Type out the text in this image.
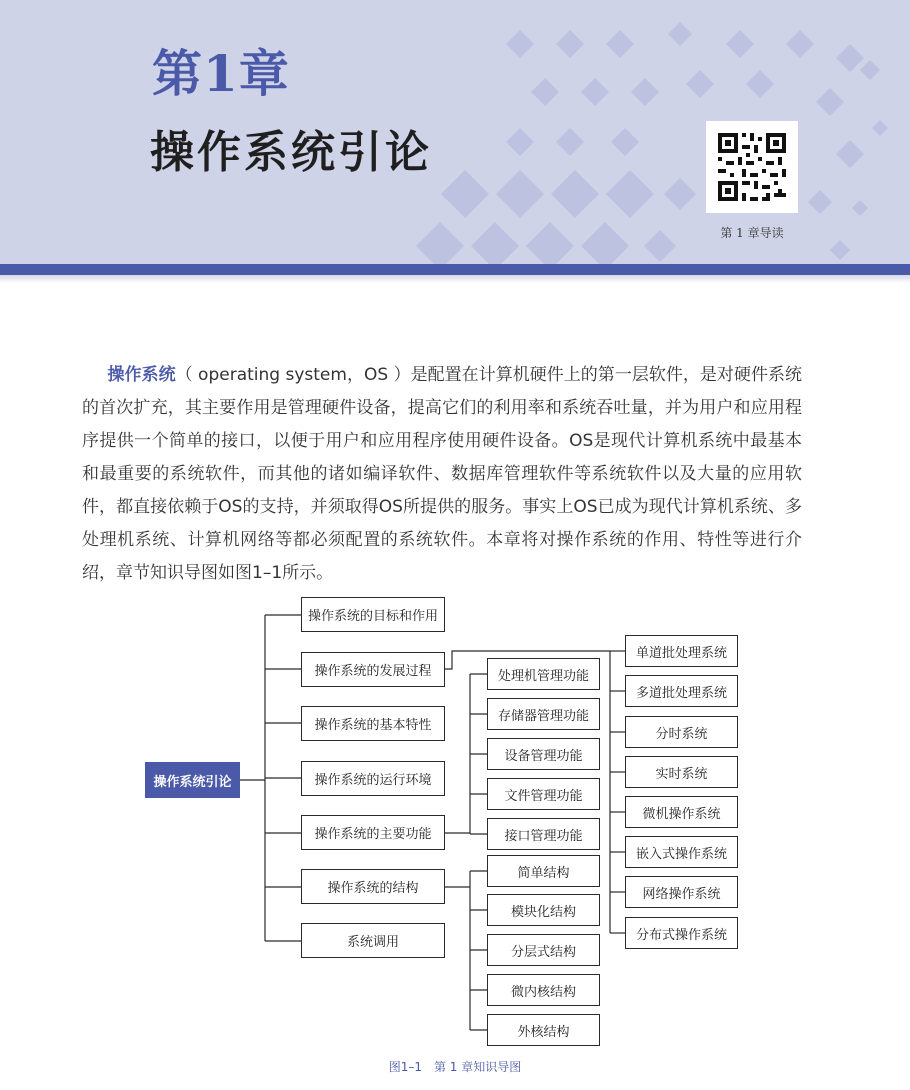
第1章
操作系统引论
第 1 章导读

  操作系统（ operating system，OS ）是配置在计算机硬件上的第一层软件，是对硬件系统的首次扩充，其主要作用是管理硬件设备，提高它们的利用率和系统吞吐量，并为用户和应用程序提供一个简单的接口，以便于用户和应用程序使用硬件设备。OS是现代计算机系统中最基本和最重要的系统软件，而其他的诸如编译软件、数据库管理软件等系统软件以及大量的应用软件，都直接依赖于OS的支持，并须取得OS所提供的服务。事实上OS已成为现代计算机系统、多处理机系统、计算机网络等都必须配置的系统软件。本章将对操作系统的作用、特性等进行介绍，章节知识导图如图1–1所示。

操作系统引论
操作系统的目标和作用
操作系统的发展过程
操作系统的基本特性
操作系统的运行环境
操作系统的主要功能
操作系统的结构
系统调用
处理机管理功能
存储器管理功能
设备管理功能
文件管理功能
接口管理功能
简单结构
模块化结构
分层式结构
微内核结构
外核结构
单道批处理系统
多道批处理系统
分时系统
实时系统
微机操作系统
嵌入式操作系统
网络操作系统
分布式操作系统
图1–1　第 1 章知识导图
